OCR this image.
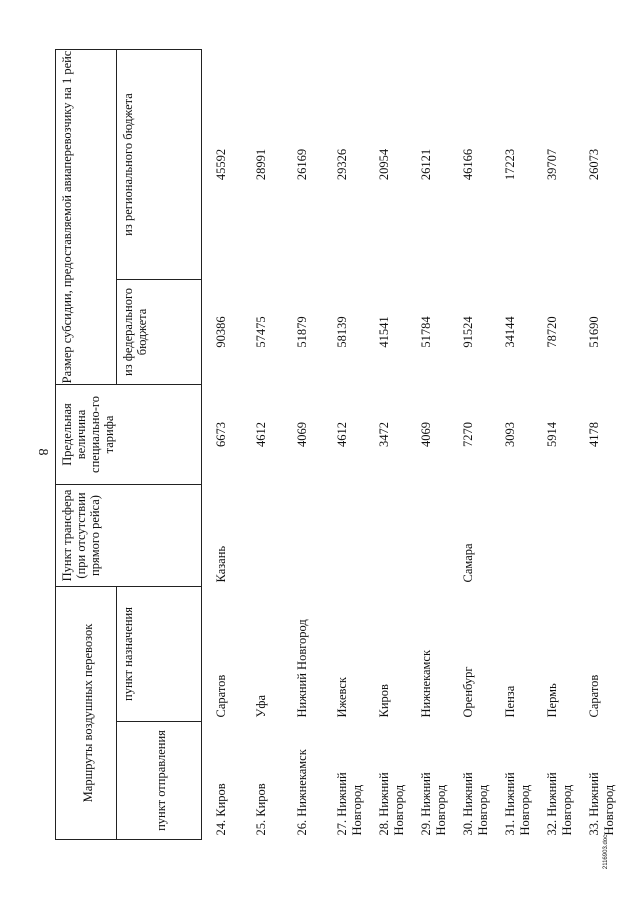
8
2116903.doc
Маршруты воздушных перевозок		Пункт трансфера (при отсутствии прямого рейса)	Предельная величина специально-го тарифа	Размер субсидии, предоставляемой авиаперевозчику на 1 рейс	
пункт отправления	пункт назначения			из федерального бюджета	из регионального бюджета
24. Киров	Саратов	Казань	6673	90386	45592
25. Киров	Уфа		4612	57475	28991
26. Нижнекамск	Нижний Новгород		4069	51879	26169
27. Нижний Новгород	Ижевск		4612	58139	29326
28. Нижний Новгород	Киров		3472	41541	20954
29. Нижний Новгород	Нижнекамск		4069	51784	26121
30. Нижний Новгород	Оренбург	Самара	7270	91524	46166
31. Нижний Новгород	Пенза		3093	34144	17223
32. Нижний Новгород	Пермь		5914	78720	39707
33. Нижний Новгород	Саратов		4178	51690	26073
